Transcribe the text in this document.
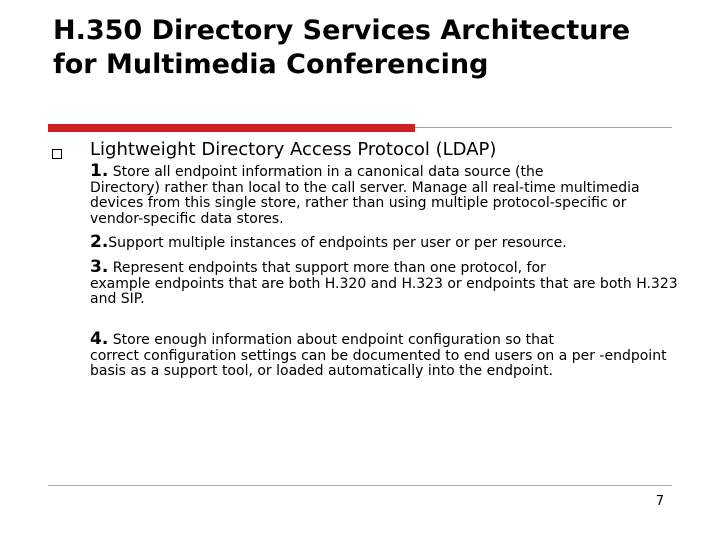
H.350 Directory Services Architecture
for Multimedia Conferencing
Lightweight Directory Access Protocol (LDAP)

1. Store all endpoint information in a canonical data source (the
Directory) rather than local to the call server. Manage all real-time multimedia devices from this single store, rather than using multiple protocol-specific or vendor-specific data stores.

2.Support multiple instances of endpoints per user or per resource.

3. Represent endpoints that support more than one protocol, for
example endpoints that are both H.320 and H.323 or endpoints that are both H.323 and SIP.

4. Store enough information about endpoint configuration so that
correct configuration settings can be documented to end users on a per -endpoint basis as a support tool, or loaded automatically into the endpoint.

7
